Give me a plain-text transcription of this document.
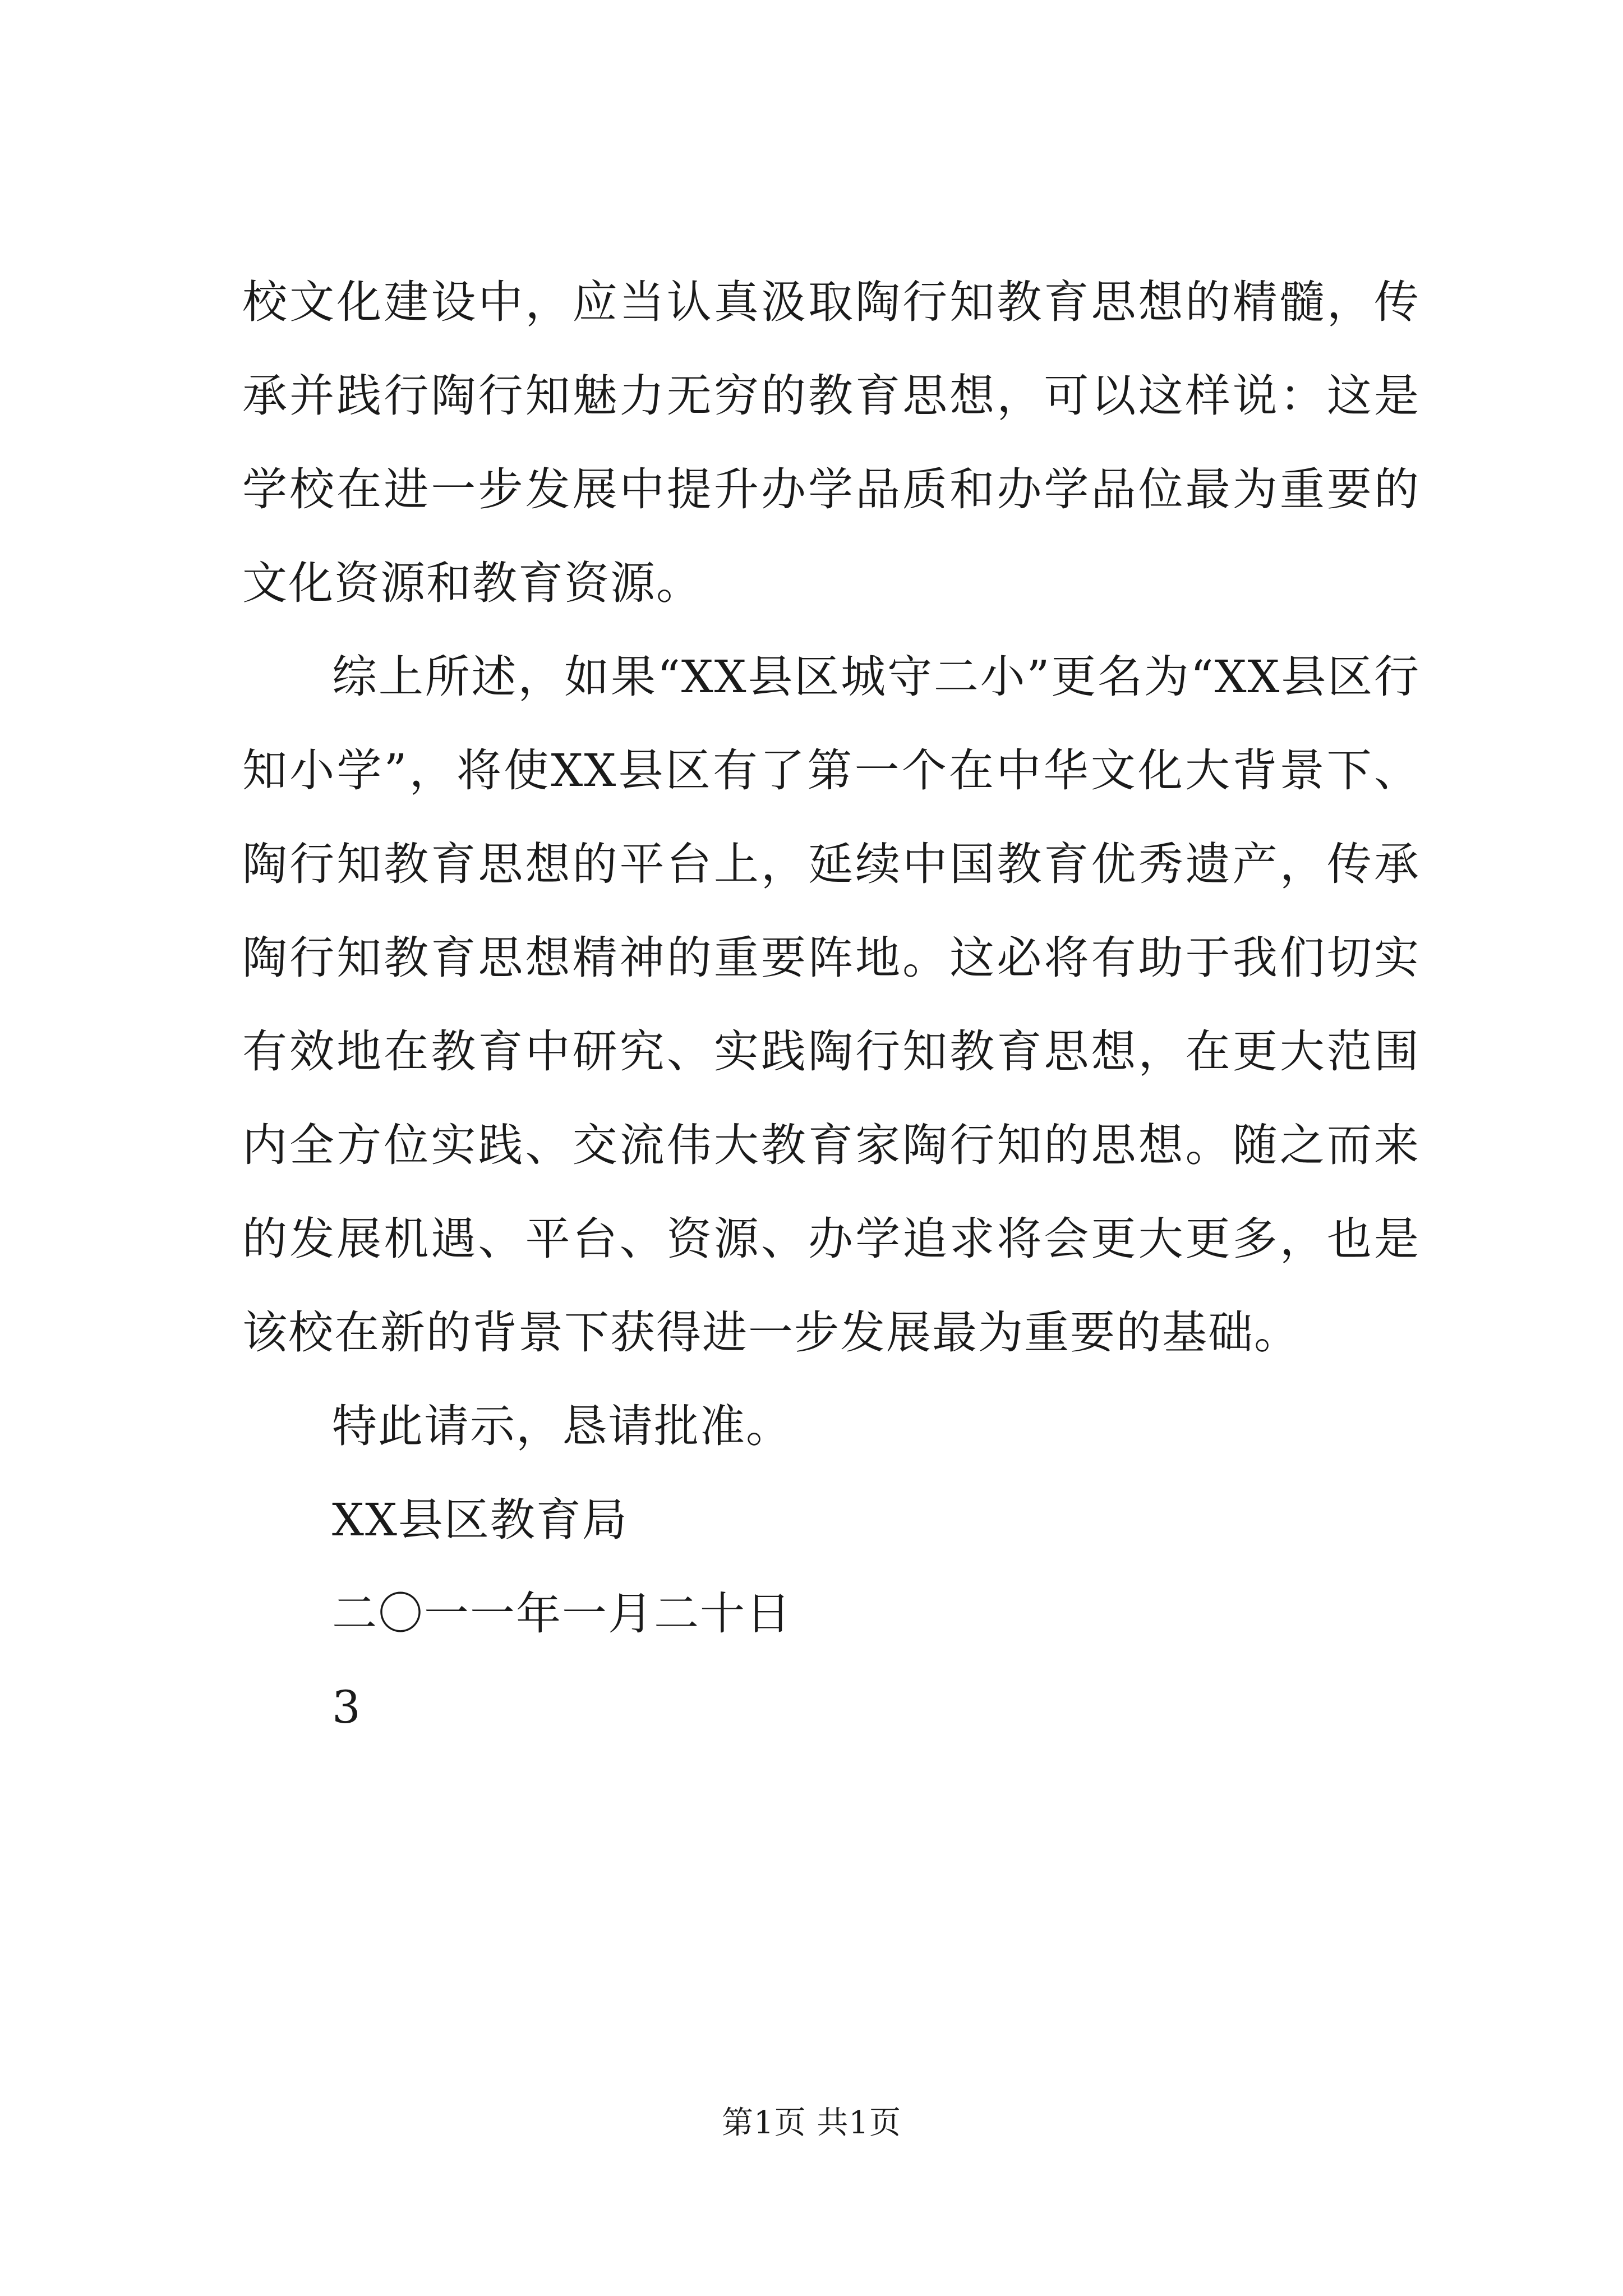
校文化建设中，应当认真汲取陶行知教育思想的精髓，传承并践行陶行知魅力无穷的教育思想，可以这样说：这是学校在进一步发展中提升办学品质和办学品位最为重要的文化资源和教育资源。

综上所述，如果“XX县区城守二小”更名为“XX县区行知小学”，将使XX县区有了第一个在中华文化大背景下、陶行知教育思想的平台上，延续中国教育优秀遗产，传承陶行知教育思想精神的重要阵地。这必将有助于我们切实有效地在教育中研究、实践陶行知教育思想，在更大范围内全方位实践、交流伟大教育家陶行知的思想。随之而来的发展机遇、平台、资源、办学追求将会更大更多，也是该校在新的背景下获得进一步发展最为重要的基础。

特此请示，恳请批准。

XX县区教育局

二〇一一年一月二十日

3

第1页 共1页
